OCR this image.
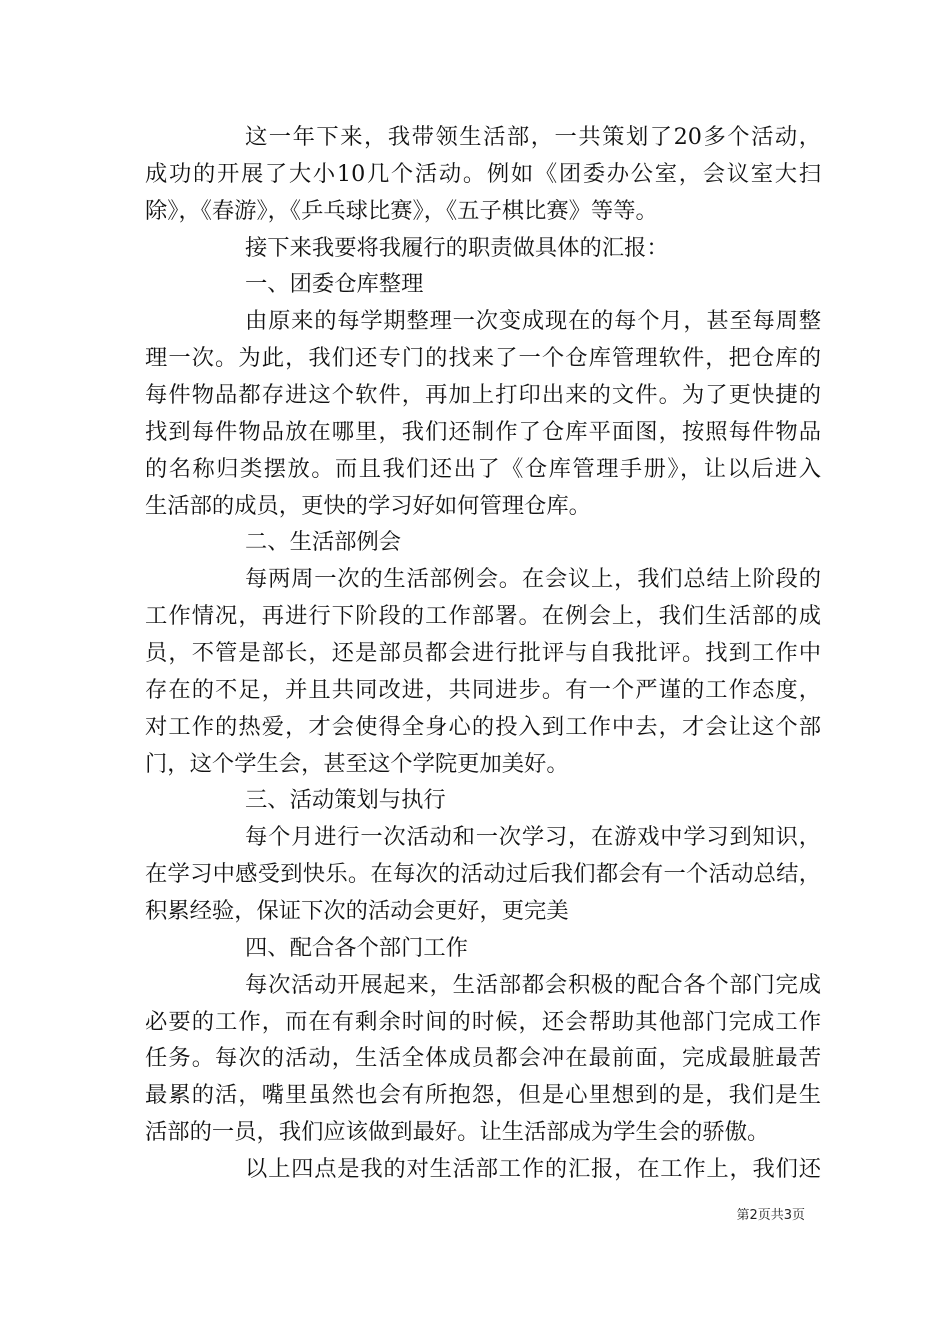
这一年下来，我带领生活部，一共策划了20多个活动，
成功的开展了大小10几个活动。例如《团委办公室，会议室大扫
除》，《春游》，《乒乓球比赛》，《五子棋比赛》等等。
接下来我要将我履行的职责做具体的汇报：
一、团委仓库整理
由原来的每学期整理一次变成现在的每个月，甚至每周整
理一次。为此，我们还专门的找来了一个仓库管理软件，把仓库的
每件物品都存进这个软件，再加上打印出来的文件。为了更快捷的
找到每件物品放在哪里，我们还制作了仓库平面图，按照每件物品
的名称归类摆放。而且我们还出了《仓库管理手册》，让以后进入
生活部的成员，更快的学习好如何管理仓库。
二、生活部例会
每两周一次的生活部例会。在会议上，我们总结上阶段的
工作情况，再进行下阶段的工作部署。在例会上，我们生活部的成
员，不管是部长，还是部员都会进行批评与自我批评。找到工作中
存在的不足，并且共同改进，共同进步。有一个严谨的工作态度，
对工作的热爱，才会使得全身心的投入到工作中去，才会让这个部
门，这个学生会，甚至这个学院更加美好。
三、活动策划与执行
每个月进行一次活动和一次学习，在游戏中学习到知识，
在学习中感受到快乐。在每次的活动过后我们都会有一个活动总结，
积累经验，保证下次的活动会更好，更完美
四、配合各个部门工作
每次活动开展起来，生活部都会积极的配合各个部门完成
必要的工作，而在有剩余时间的时候，还会帮助其他部门完成工作
任务。每次的活动，生活全体成员都会冲在最前面，完成最脏最苦
最累的活，嘴里虽然也会有所抱怨，但是心里想到的是，我们是生
活部的一员，我们应该做到最好。让生活部成为学生会的骄傲。
以上四点是我的对生活部工作的汇报，在工作上，我们还
第2页共3页
